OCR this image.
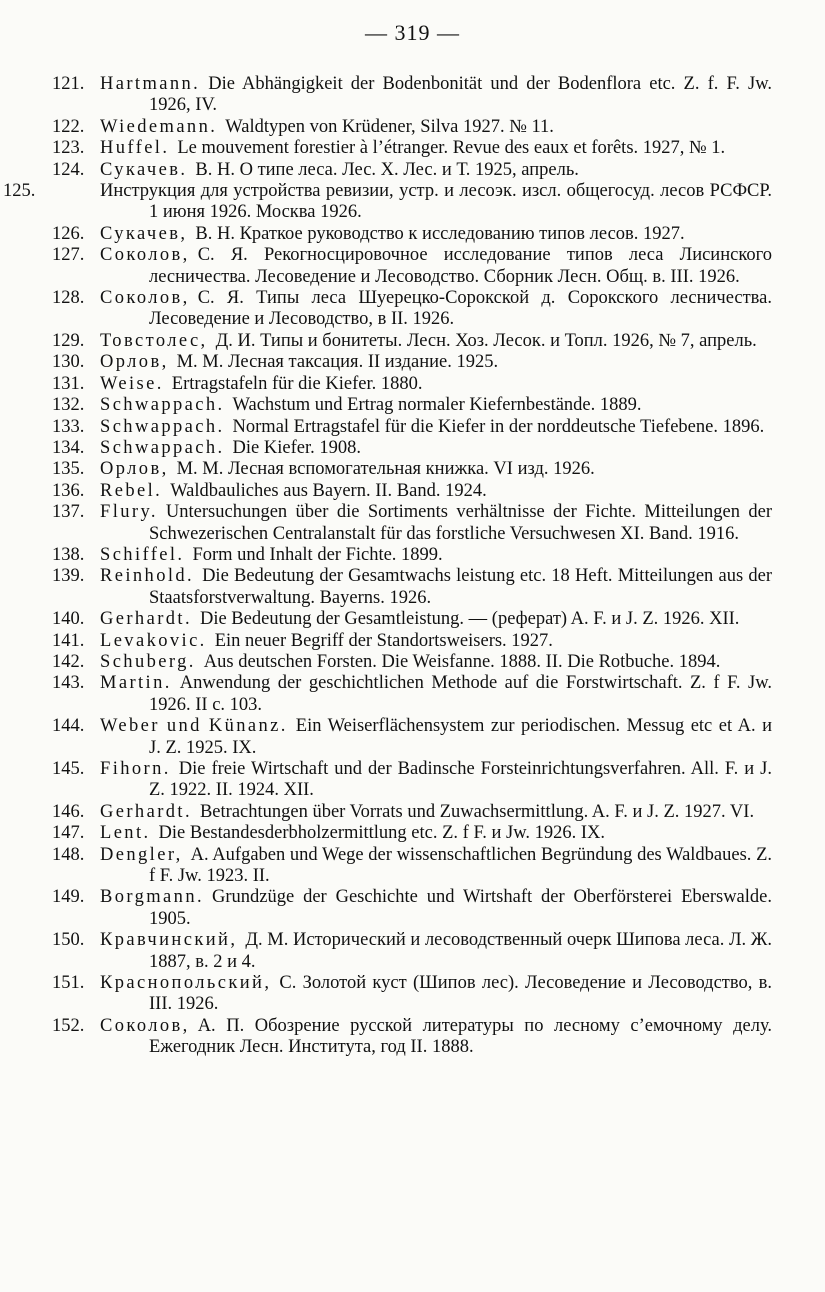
— 319 —
121. Hartmann. Die Abhängigkeit der Bodenbonität und der Bodenflora etc. Z. f. F. Jw. 1926, IV.
122. Wiedemann. Waldtypen von Krüdener, Silva 1927. № 11.
123. Huffel. Le mouvement forestier à l’étranger. Revue des eaux et forêts. 1927, № 1.
124. Сукачев. В. Н. О типе леса. Лес. X. Лес. и Т. 1925, апрель.
125.	Инструкция для устройства ревизии, устр. и лесоэк. изсл. общегосуд. лесов РСФСР. 1 июня 1926. Москва 1926.
126. Сукачев, В. Н. Краткое руководство к исследованию типов лесов. 1927.
127. Соколов, С. Я. Рекогносцировочное исследование типов леса Лисинского лесничества. Лесоведение и Лесоводство. Сборник Лесн. Общ. в. III. 1926.
128. Соколов, С. Я. Типы леса Шуерецко-Сорокской д. Сорокского лесничества. Лесоведение и Лесоводство, в II. 1926.
129. Товстолес, Д. И. Типы и бонитеты. Лесн. Хоз. Лесок. и Топл. 1926, № 7, апрель.
130. Орлов, М. М. Лесная таксация. II издание. 1925.
131. Weise. Ertragstafeln für die Kiefer. 1880.
132. Schwappach. Wachstum und Ertrag normaler Kiefernbestände. 1889.
133. Schwappach. Normal Ertragstafel für die Kiefer in der norddeutsche Tiefebene. 1896.
134. Schwappach. Die Kiefer. 1908.
135. Орлов, М. М. Лесная вспомогательная книжка. VI изд. 1926.
136. Rebel. Waldbauliches aus Bayern. II. Band. 1924.
137. Flury. Untersuchungen über die Sortiments verhältnisse der Fichte. Mitteilungen der Schwezerischen Centralanstalt für das forstliche Versuchwesen XI. Band. 1916.
138. Schiffel. Form und Inhalt der Fichte. 1899.
139. Reinhold. Die Bedeutung der Gesamtwachs leistung etc. 18 Heft. Mitteilungen aus der Staatsforstverwaltung. Bayerns. 1926.
140. Gerhardt. Die Bedeutung der Gesamtleistung. — (реферат) A. F. и J. Z. 1926. XII.
141. Levakovic. Ein neuer Begriff der Standortsweisers. 1927.
142. Schuberg. Aus deutschen Forsten. Die Weisfanne. 1888. II. Die Rotbuche. 1894.
143. Martin. Anwendung der geschichtlichen Methode auf die Forstwirtschaft. Z. f F. Jw. 1926. II с. 103.
144. Weber und Künanz. Ein Weiserflächensystem zur periodischen. Messug etc et A. и J. Z. 1925. IX.
145. Fihorn. Die freie Wirtschaft und der Badinsche Forsteinrichtungsverfahren. All. F. и J. Z. 1922. II. 1924. XII.
146. Gerhardt. Betrachtungen über Vorrats und Zuwachsermittlung. A. F. и J. Z. 1927. VI.
147. Lent. Die Bestandesderbholzermittlung etc. Z. f F. и Jw. 1926. IX.
148. Dengler, A. Aufgaben und Wege der wissenschaftlichen Begründung des Waldbaues. Z. f F. Jw. 1923. II.
149. Borgmann. Grundzüge der Geschichte und Wirtshaft der Oberförsterei Eberswalde. 1905.
150. Кравчинский, Д. М. Исторический и лесоводственный очерк Шипова леса. Л. Ж. 1887, в. 2 и 4.
151. Краснопольский, С. Золотой куст (Шипов лес). Лесоведение и Лесоводство, в. III. 1926.
152. Соколов, А. П. Обозрение русской литературы по лесному с’емочному делу. Ежегодник Лесн. Института, год II. 1888.
